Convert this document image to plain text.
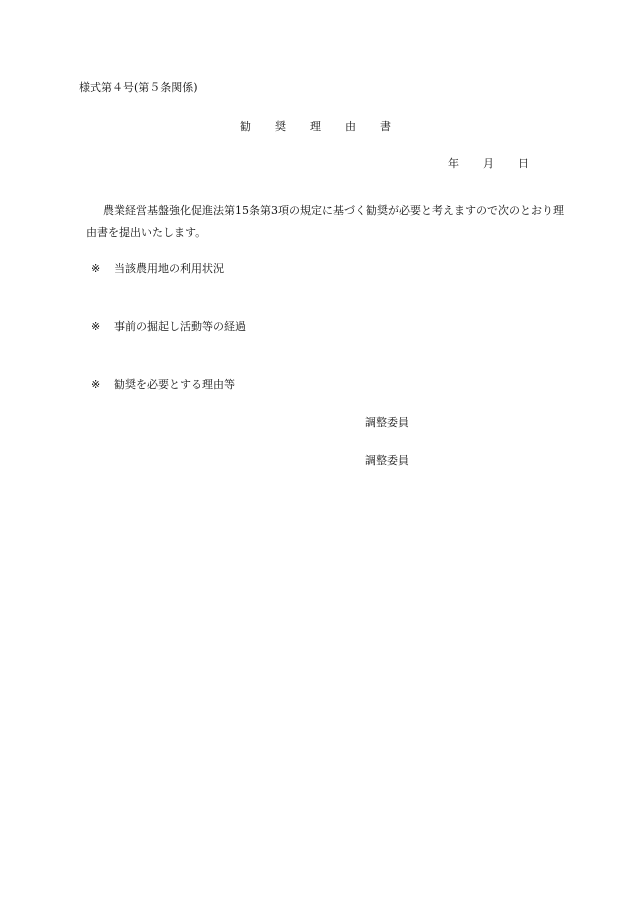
様式第４号(第５条関係)
勧 奨 理 由 書
年 月 日
農業経営基盤強化促進法第15条第3項の規定に基づく勧奨が必要と考えますので次のとおり理由書を提出いたします。
※ 当該農用地の利用状況
※ 事前の掘起し活動等の経過
※ 勧奨を必要とする理由等
調整委員
調整委員
